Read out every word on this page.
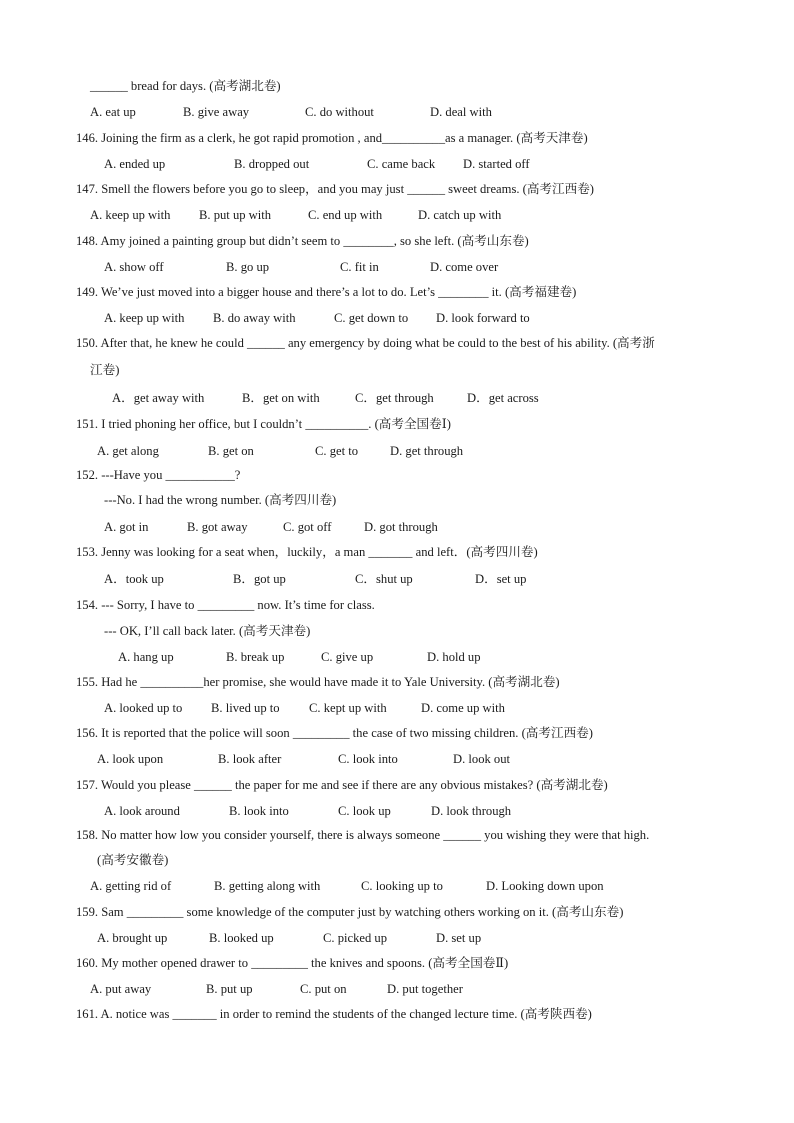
______ bread for days. (高考湖北卷)
A. eat up	B. give away	C. do without	D. deal with
146. Joining the firm as a clerk, he got rapid promotion , and__________as a manager. (高考天津卷)
A. ended up	B. dropped out	C. came back D. started off
147. Smell the flowers before you go to sleep，and you may just ______ sweet dreams. (高考江西卷)
A. keep up with B. put up with	C. end up with	D. catch up with
148. Amy joined a painting group but didn’t seem to ________, so she left. (高考山东卷)
A. show off	B. go up	C. fit in	D. come over
149. We’ve just moved into a bigger house and there’s a lot to do. Let’s ________ it. (高考福建卷)
A. keep up with B. do away with	C. get down to D. look forward to
150. After that, he knew he could ______ any emergency by doing what be could to the best of his ability. (高考浙
江卷)
A．get away with	B．get on with	C．get through	D．get across
151. I tried phoning her office, but I couldn’t __________. (高考全国卷Ⅰ)
A. get along	B. get on	C. get to	D. get through
152. ---Have you ___________?
---No. I had the wrong number. (高考四川卷)
A. got in	B. got away	C. got off	D. got through
153. Jenny was looking for a seat when，luckily，a man _______ and left．(高考四川卷)
A．took up	B．got up	C．shut up	D．set up
154. --- Sorry, I have to _________ now. It’s time for class.
--- OK, I’ll call back later. (高考天津卷)
A. hang up	B. break up	C. give up	D. hold up
155. Had he __________her promise, she would have made it to Yale University. (高考湖北卷)
A. looked up to B. lived up to C. kept up with	D. come up with
156. It is reported that the police will soon _________ the case of two missing children. (高考江西卷)
A. look upon	B. look after	C. look into	D. look out
157. Would you please ______ the paper for me and see if there are any obvious mistakes? (高考湖北卷)
A. look around	B. look into	C. look up	D. look through
158. No matter how low you consider yourself, there is always someone ______ you wishing they were that high.
(高考安徽卷)
A. getting rid of	B. getting along with	C. looking up to	D. Looking down upon
159. Sam _________ some knowledge of the computer just by watching others working on it. (高考山东卷)
A. brought up	B. looked up	C. picked up	D. set up
160. My mother opened drawer to _________ the knives and spoons. (高考全国卷Ⅱ)
A. put away	B. put up	C. put on	D. put together
161. A. notice was _______ in order to remind the students of the changed lecture time. (高考陕西卷)
